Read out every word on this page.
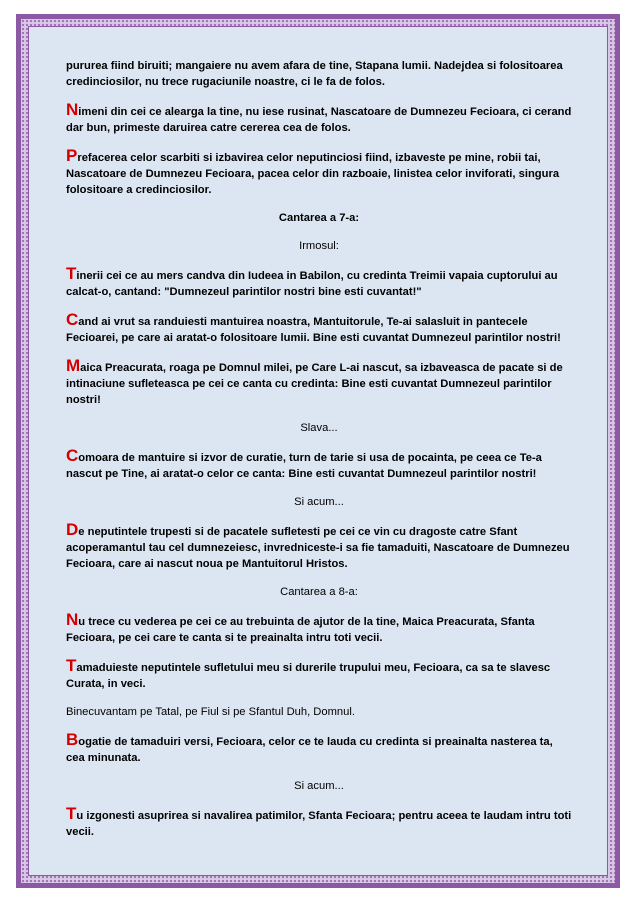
pururea fiind biruiti; mangaiere nu avem afara de tine, Stapana lumii. Nadejdea si folositoarea credinciosilor, nu trece rugaciunile noastre, ci le fa de folos.
Nimeni din cei ce alearga la tine, nu iese rusinat, Nascatoare de Dumnezeu Fecioara, ci cerand dar bun, primeste daruirea catre cererea cea de folos.
Prefacerea celor scarbiti si izbavirea celor neputinciosi fiind, izbaveste pe mine, robii tai, Nascatoare de Dumnezeu Fecioara, pacea celor din razboaie, linistea celor inviforati, singura folositoare a credinciosilor.
Cantarea a 7-a:
Irmosul:
Tinerii cei ce au mers candva din Iudeea in Babilon, cu credinta Treimii vapaia cuptorului au calcat-o, cantand: "Dumnezeul parintilor nostri bine esti cuvantat!"
Cand ai vrut sa randuiesti mantuirea noastra, Mantuitorule, Te-ai salasluit in pantecele Fecioarei, pe care ai aratat-o folositoare lumii. Bine esti cuvantat Dumnezeul parintilor nostri!
Maica Preacurata, roaga pe Domnul milei, pe Care L-ai nascut, sa izbaveasca de pacate si de intinaciune sufleteasca pe cei ce canta cu credinta: Bine esti cuvantat Dumnezeul parintilor nostri!
Slava...
Comoara de mantuire si izvor de curatie, turn de tarie si usa de pocainta, pe ceea ce Te-a nascut pe Tine, ai aratat-o celor ce canta: Bine esti cuvantat Dumnezeul parintilor nostri!
Si acum...
De neputintele trupesti si de pacatele sufletesti pe cei ce vin cu dragoste catre Sfant acoperamantul tau cel dumnezeiesc, invredniceste-i sa fie tamaduiti, Nascatoare de Dumnezeu Fecioara, care ai nascut noua pe Mantuitorul Hristos.
Cantarea a 8-a:
Nu trece cu vederea pe cei ce au trebuinta de ajutor de la tine, Maica Preacurata, Sfanta Fecioara, pe cei care te canta si te preainalta intru toti vecii.
Tamaduieste neputintele sufletului meu si durerile trupului meu, Fecioara, ca sa te slavesc Curata, in veci.
Binecuvantam pe Tatal, pe Fiul si pe Sfantul Duh, Domnul.
Bogatie de tamaduiri versi, Fecioara, celor ce te lauda cu credinta si preainalta nasterea ta, cea minunata.
Si acum...
Tu izgonesti asuprirea si navalirea patimilor, Sfanta Fecioara; pentru aceea te laudam intru toti vecii.
